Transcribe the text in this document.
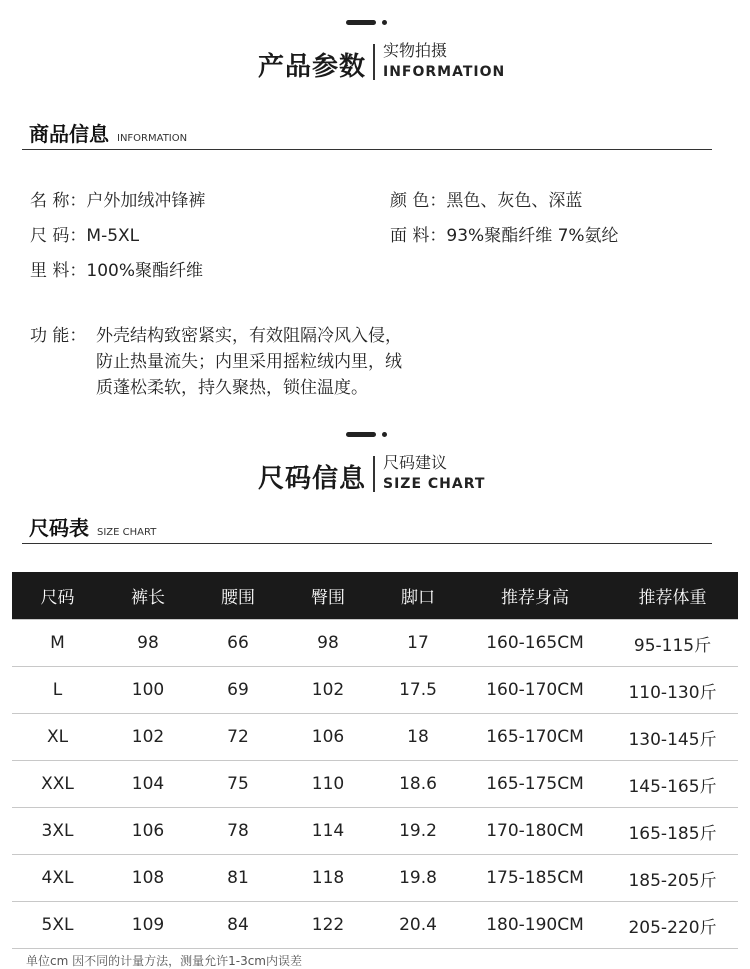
产品参数
实物拍摄
INFORMATION
商品信息 INFORMATION
名 称：户外加绒冲锋裤	颜 色：黑色、灰色、深蓝
尺 码：M-5XL	面 料：93%聚酯纤维 7%氨纶
里 料：100%聚酯纤维
功 能： 外壳结构致密紧实，有效阻隔冷风入侵，
防止热量流失；内里采用摇粒绒内里，绒
质蓬松柔软，持久聚热，锁住温度。
尺码信息
尺码建议
SIZE CHART
尺码表 SIZE CHART
尺码	裤长	腰围	臀围	脚口	推荐身高	推荐体重
M	98	66	98	17	160-165CM	95-115斤
L	100	69	102	17.5	160-170CM	110-130斤
XL	102	72	106	18	165-170CM	130-145斤
XXL	104	75	110	18.6	165-175CM	145-165斤
3XL	106	78	114	19.2	170-180CM	165-185斤
4XL	108	81	118	19.8	175-185CM	185-205斤
5XL	109	84	122	20.4	180-190CM	205-220斤
单位cm 因不同的计量方法，测量允许1-3cm内误差
